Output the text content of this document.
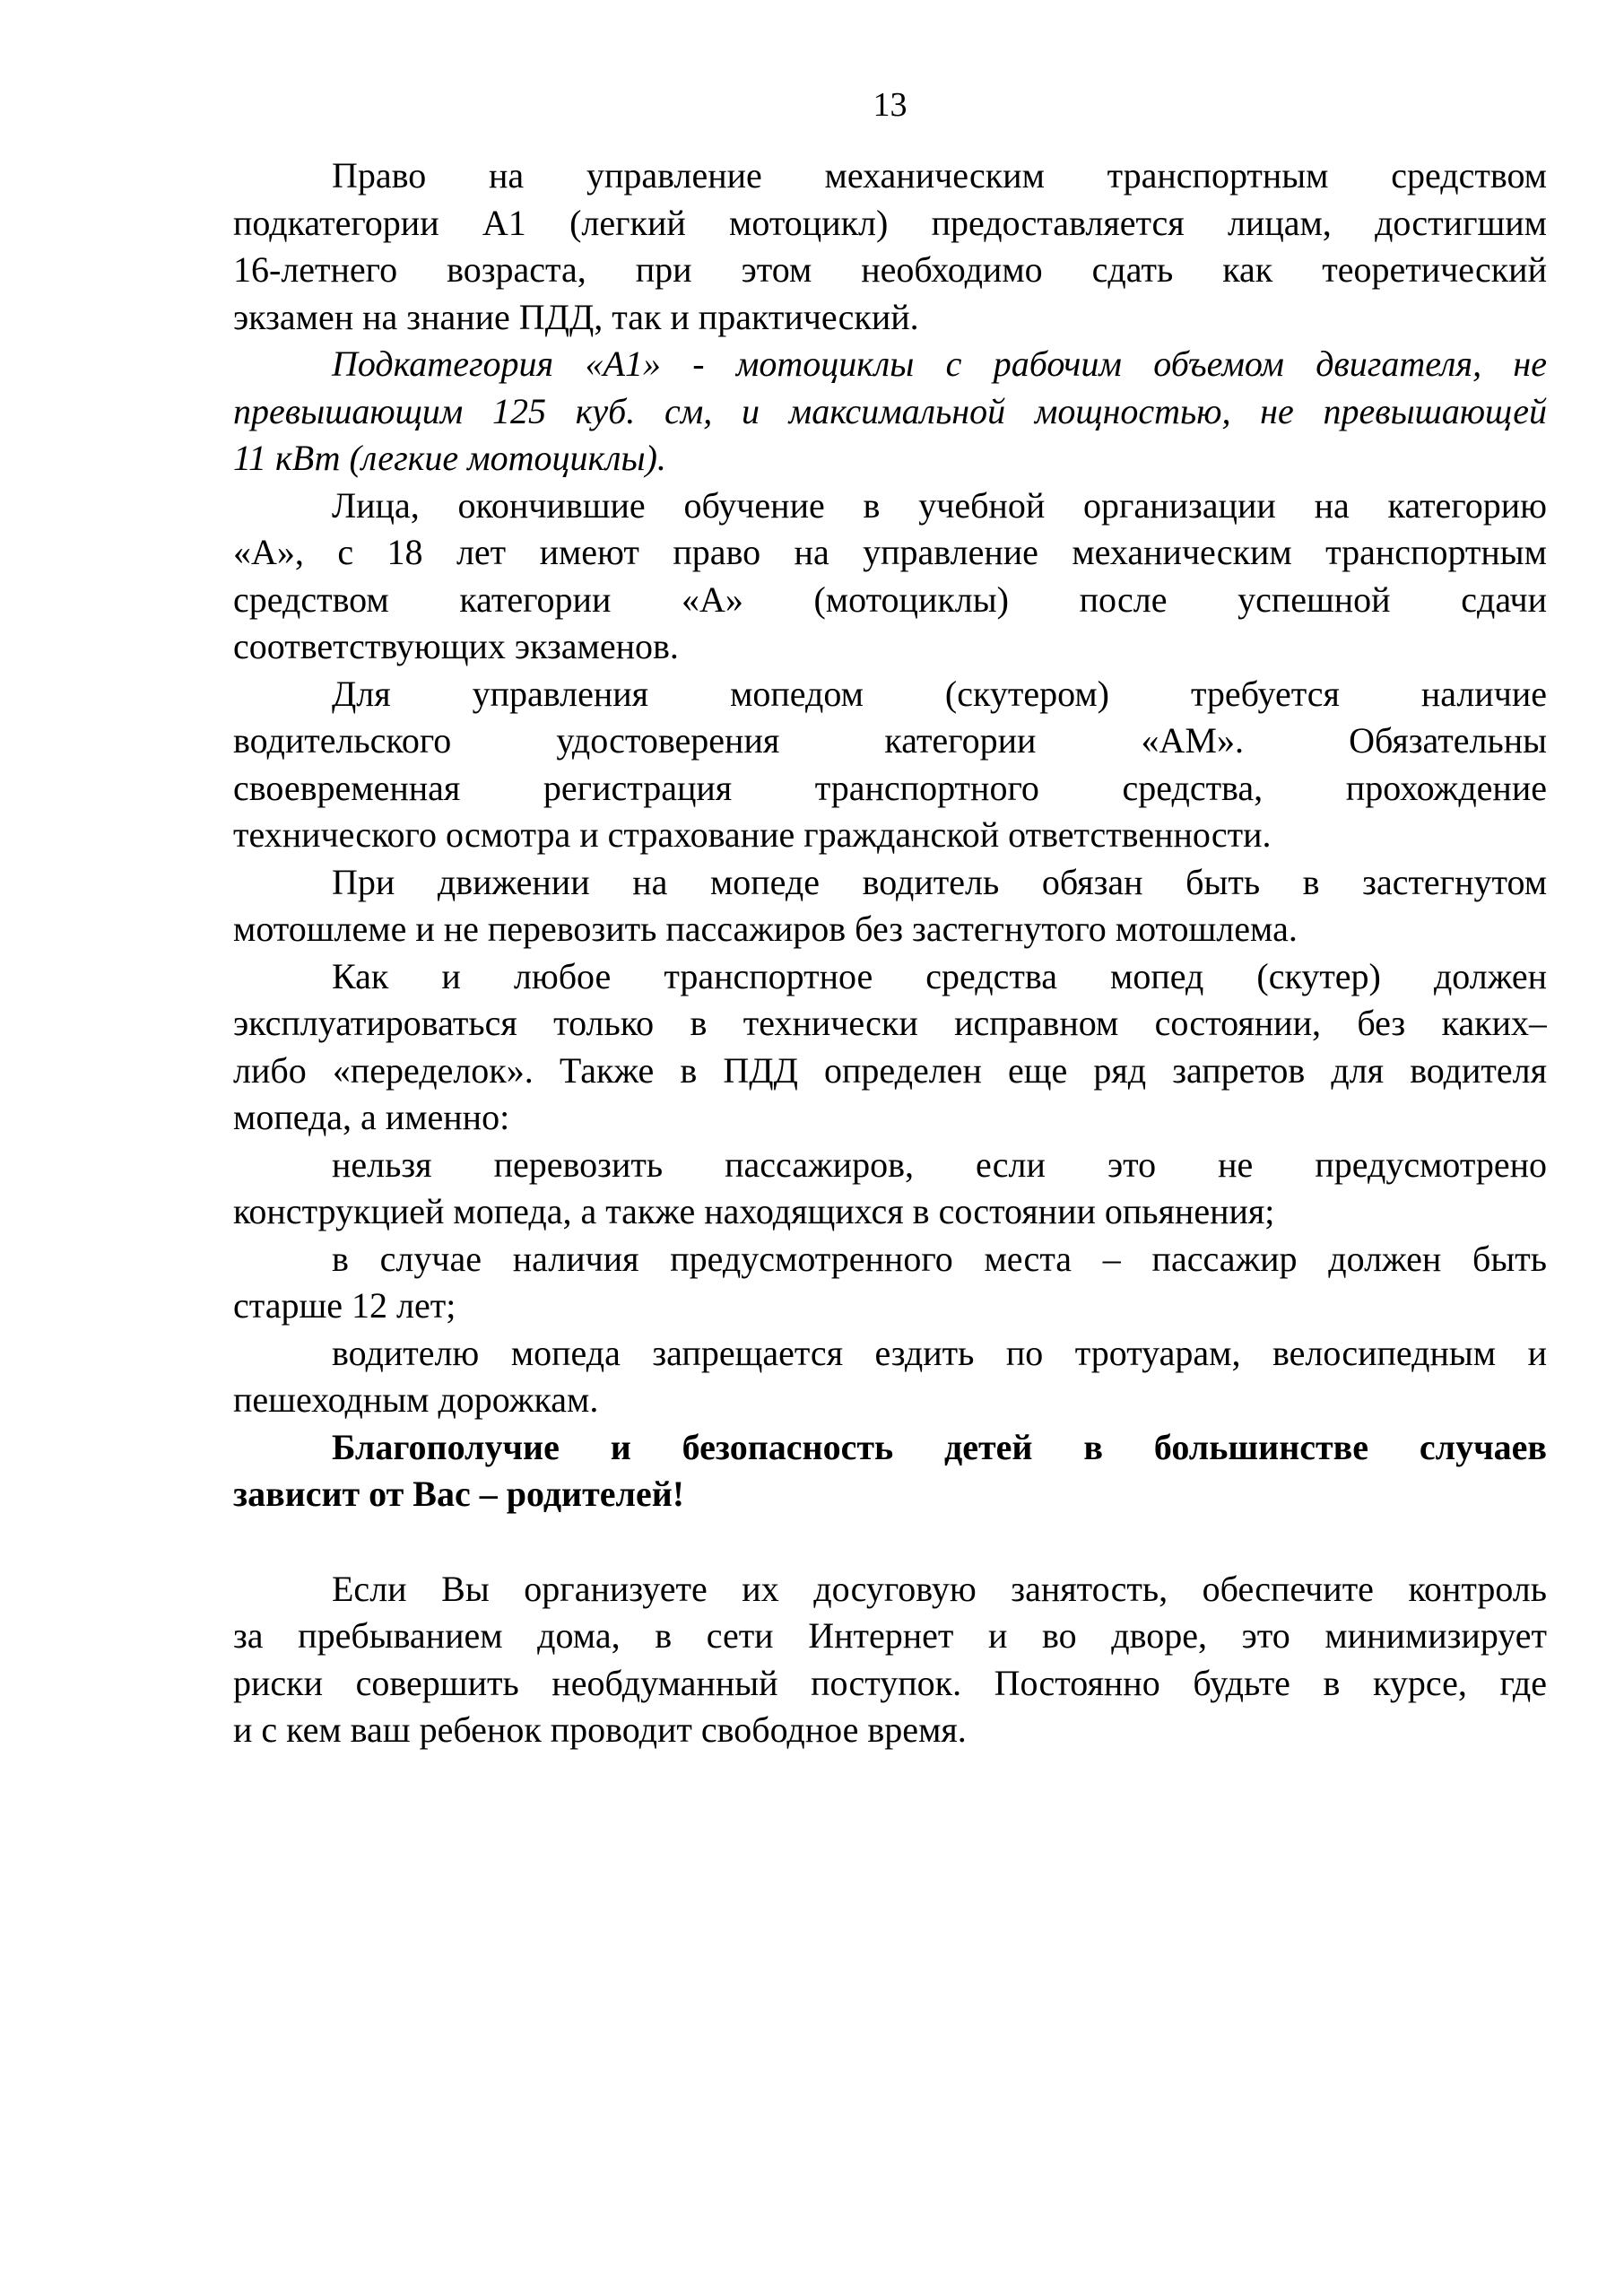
13
Право на управление механическим транспортным средством
подкатегории А1 (легкий мотоцикл) предоставляется лицам, достигшим
16-летнего возраста, при этом необходимо сдать как теоретический
экзамен на знание ПДД, так и практический.
Подкатегория «А1» - мотоциклы с рабочим объемом двигателя, не
превышающим 125 куб. см, и максимальной мощностью, не превышающей
11 кВт (легкие мотоциклы).
Лица, окончившие обучение в учебной организации на категорию
«А», с 18 лет имеют право на управление механическим транспортным
средством категории «А» (мотоциклы) после успешной сдачи
соответствующих экзаменов.
Для управления мопедом (скутером) требуется наличие
водительского удостоверения категории «АМ». Обязательны
своевременная регистрация транспортного средства, прохождение
технического осмотра и страхование гражданской ответственности.
При движении на мопеде водитель обязан быть в застегнутом
мотошлеме и не перевозить пассажиров без застегнутого мотошлема.
Как и любое транспортное средства мопед (скутер) должен
эксплуатироваться только в технически исправном состоянии, без каких–
либо «переделок». Также в ПДД определен еще ряд запретов для водителя
мопеда, а именно:
нельзя перевозить пассажиров, если это не предусмотрено
конструкцией мопеда, а также находящихся в состоянии опьянения;
в случае наличия предусмотренного места – пассажир должен быть
старше 12 лет;
водителю мопеда запрещается ездить по тротуарам, велосипедным и
пешеходным дорожкам.
Благополучие и безопасность детей в большинстве случаев
зависит от Вас – родителей!
Если Вы организуете их досуговую занятость, обеспечите контроль
за пребыванием дома, в сети Интернет и во дворе, это минимизирует
риски совершить необдуманный поступок. Постоянно будьте в курсе, где
и с кем ваш ребенок проводит свободное время.
